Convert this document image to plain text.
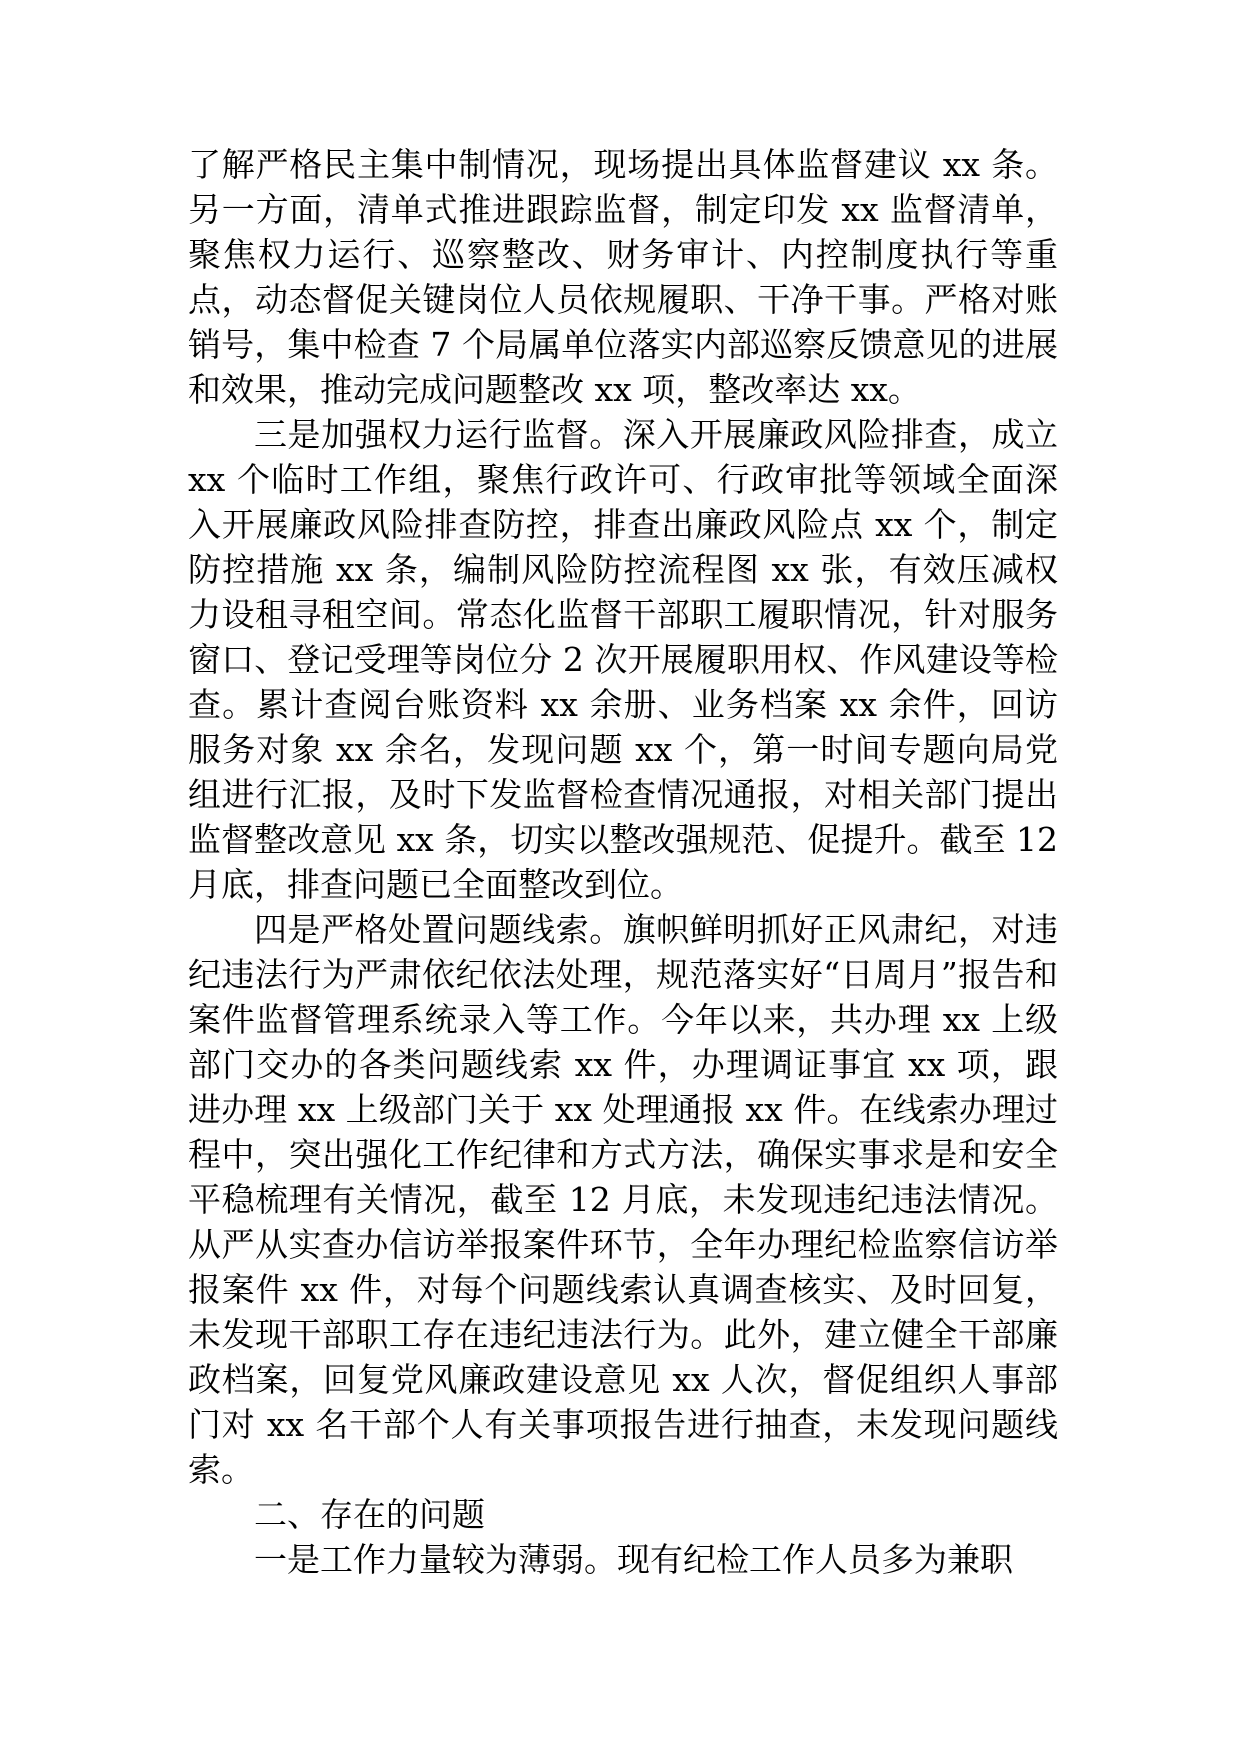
了解严格民主集中制情况，现场提出具体监督建议 xx 条。另一方面，清单式推进跟踪监督，制定印发 xx 监督清单，聚焦权力运行、巡察整改、财务审计、内控制度执行等重点，动态督促关键岗位人员依规履职、干净干事。严格对账销号，集中检查 7 个局属单位落实内部巡察反馈意见的进展和效果，推动完成问题整改 xx 项，整改率达 xx。

三是加强权力运行监督。深入开展廉政风险排查，成立 xx 个临时工作组，聚焦行政许可、行政审批等领域全面深入开展廉政风险排查防控，排查出廉政风险点 xx 个，制定防控措施 xx 条，编制风险防控流程图 xx 张，有效压减权力设租寻租空间。常态化监督干部职工履职情况，针对服务窗口、登记受理等岗位分 2 次开展履职用权、作风建设等检查。累计查阅台账资料 xx 余册、业务档案 xx 余件，回访服务对象 xx 余名，发现问题 xx 个，第一时间专题向局党组进行汇报，及时下发监督检查情况通报，对相关部门提出监督整改意见 xx 条，切实以整改强规范、促提升。截至 12 月底，排查问题已全面整改到位。

四是严格处置问题线索。旗帜鲜明抓好正风肃纪，对违纪违法行为严肃依纪依法处理，规范落实好“日周月”报告和案件监督管理系统录入等工作。今年以来，共办理 xx 上级部门交办的各类问题线索 xx 件，办理调证事宜 xx 项，跟进办理 xx 上级部门关于 xx 处理通报 xx 件。在线索办理过程中，突出强化工作纪律和方式方法，确保实事求是和安全平稳梳理有关情况，截至 12 月底，未发现违纪违法情况。从严从实查办信访举报案件环节，全年办理纪检监察信访举报案件 xx 件，对每个问题线索认真调查核实、及时回复，未发现干部职工存在违纪违法行为。此外，建立健全干部廉政档案，回复党风廉政建设意见 xx 人次，督促组织人事部门对 xx 名干部个人有关事项报告进行抽查，未发现问题线索。

二、存在的问题

一是工作力量较为薄弱。现有纪检工作人员多为兼职
